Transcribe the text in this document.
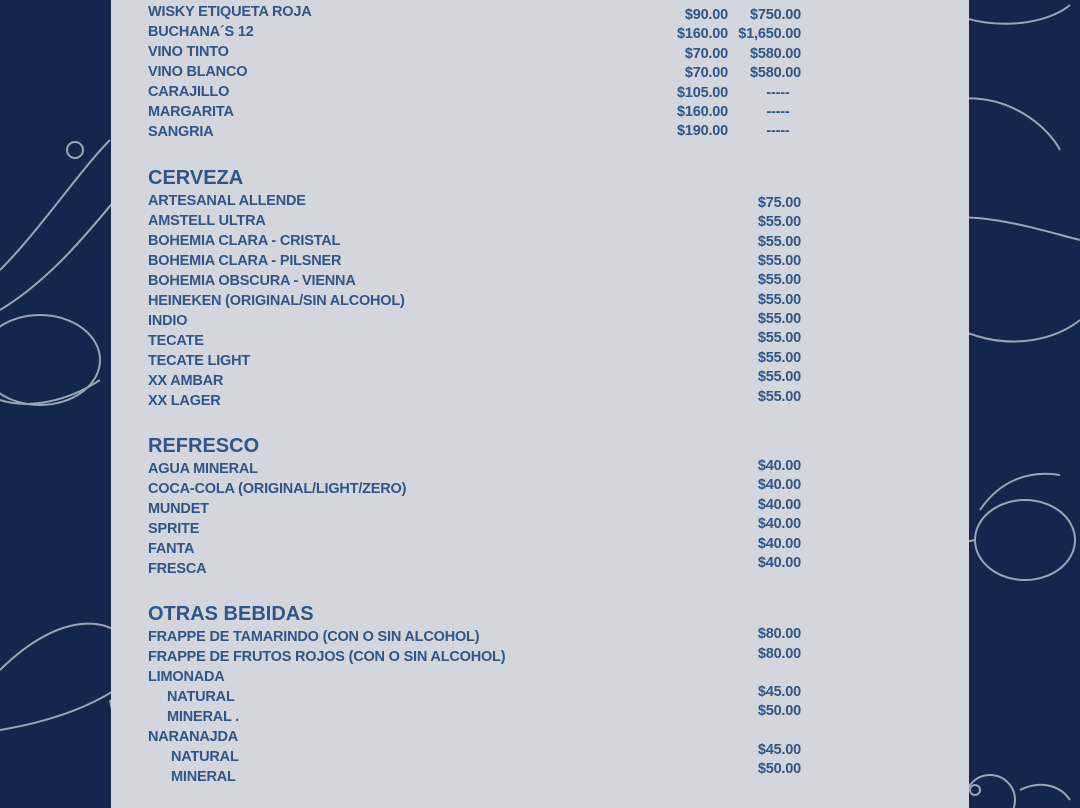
WISKY ETIQUETA ROJA	$90.00	$750.00
BUCHANA´S 12	$160.00 $1,650.00
VINO TINTO	$70.00	$580.00
VINO BLANCO	$70.00	$580.00
CARAJILLO	$105.00	-----
MARGARITA	$160.00	-----
SANGRIA	$190.00	-----
CERVEZA
ARTESANAL ALLENDE	$75.00
AMSTELL ULTRA	$55.00
BOHEMIA CLARA - CRISTAL	$55.00
BOHEMIA CLARA - PILSNER	$55.00
BOHEMIA OBSCURA - VIENNA	$55.00
HEINEKEN (ORIGINAL/SIN ALCOHOL)	$55.00
INDIO	$55.00
TECATE	$55.00
TECATE LIGHT	$55.00
XX AMBAR	$55.00
XX LAGER	$55.00
REFRESCO
AGUA MINERAL	$40.00
COCA-COLA (ORIGINAL/LIGHT/ZERO)	$40.00
MUNDET	$40.00
SPRITE	$40.00
FANTA	$40.00
FRESCA	$40.00
OTRAS BEBIDAS
FRAPPE DE TAMARINDO (CON O SIN ALCOHOL)	$80.00
FRAPPE DE FRUTOS ROJOS (CON O SIN ALCOHOL)	$80.00
LIMONADA
NATURAL	$45.00
MINERAL .	$50.00
NARANAJDA
NATURAL	$45.00
MINERAL	$50.00
